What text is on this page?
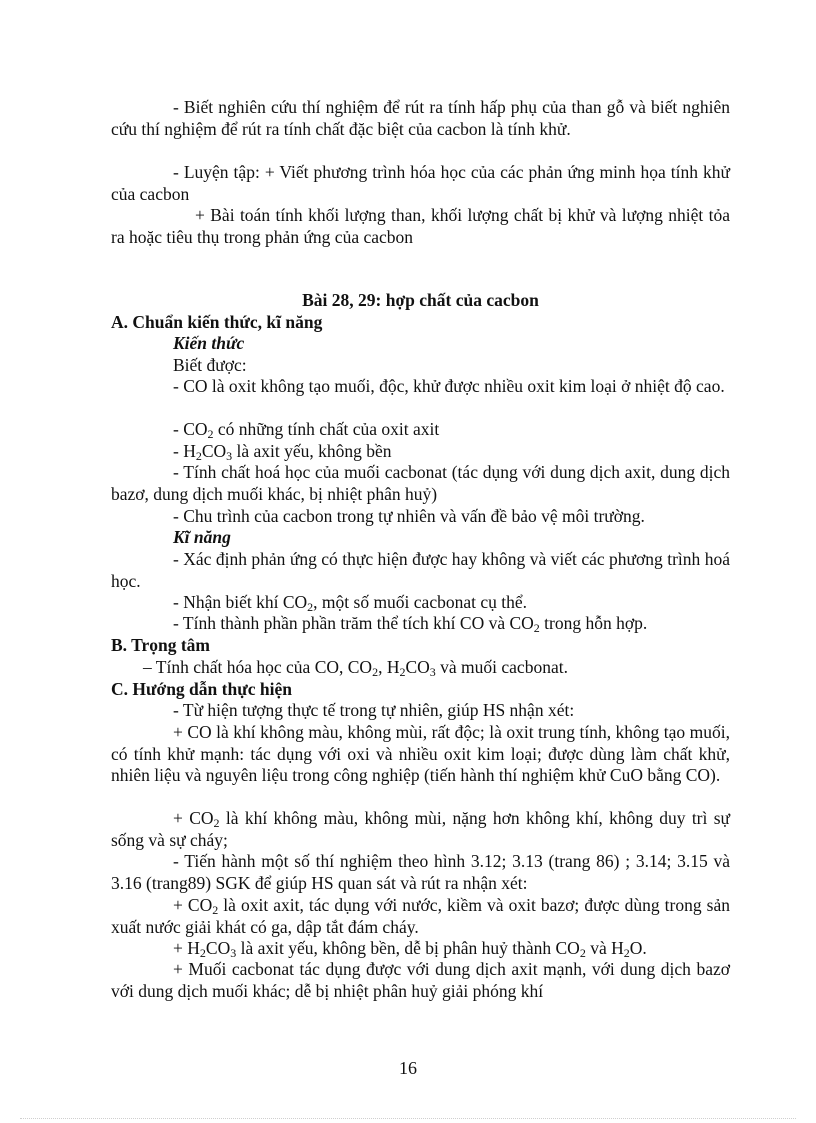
- Biết nghiên cứu thí nghiệm để rút ra tính hấp phụ của than gỗ và biết nghiên cứu thí nghiệm để rút ra tính chất đặc biệt của cacbon là tính khử.

- Luyện tập: + Viết phương trình hóa học của các phản ứng minh họa tính khử của cacbon

+ Bài toán tính khối lượng than, khối lượng chất bị khử và lượng nhiệt tỏa ra hoặc tiêu thụ trong phản ứng của cacbon

Bài 28, 29: hợp chất của cacbon

A. Chuẩn kiến thức, kĩ năng

Kiến thức

Biết được:

- CO là oxit không tạo muối, độc, khử được nhiều oxit kim loại ở nhiệt độ cao.

- $CO_2$ có những tính chất của oxit axit

- $H_2CO_3$ là axit yếu, không bền

- Tính chất hoá học của muối cacbonat (tác dụng với dung dịch axit, dung dịch bazơ, dung dịch muối khác, bị nhiệt phân huỷ)

- Chu trình của cacbon trong tự nhiên và vấn đề bảo vệ môi trường.

Kĩ năng

- Xác định phản ứng có thực hiện được hay không và viết các phương trình hoá học.

- Nhận biết khí $CO_2$, một số muối cacbonat cụ thể.

- Tính thành phần phần trăm thể tích khí CO và $CO_2$ trong hỗn hợp.

B. Trọng tâm

– Tính chất hóa học của CO, $CO_2$, $H_2CO_3$ và muối cacbonat.

C. Hướng dẫn thực hiện

- Từ hiện tượng thực tế trong tự nhiên, giúp HS nhận xét:

+ CO là khí không màu, không mùi, rất độc; là oxit trung tính, không tạo muối, có tính khử mạnh: tác dụng với oxi và nhiều oxit kim loại; được dùng làm chất khử, nhiên liệu và nguyên liệu trong công nghiệp (tiến hành thí nghiệm khử CuO bằng CO).

+ $CO_2$ là khí không màu, không mùi, nặng hơn không khí, không duy trì sự sống và sự cháy;

- Tiến hành một số thí nghiệm theo hình 3.12; 3.13 (trang 86) ; 3.14; 3.15 và 3.16 (trang89) SGK để giúp HS quan sát và rút ra nhận xét:

+ $CO_2$ là oxit axit, tác dụng với nước, kiềm và oxit bazơ; được dùng trong sản xuất nước giải khát có ga, dập tắt đám cháy.

+ $H_2CO_3$ là axit yếu, không bền, dễ bị phân huỷ thành $CO_2$ và $H_2O$.

+ Muối cacbonat tác dụng được với dung dịch axit mạnh, với dung dịch bazơ với dung dịch muối khác; dễ bị nhiệt phân huỷ giải phóng khí

16
